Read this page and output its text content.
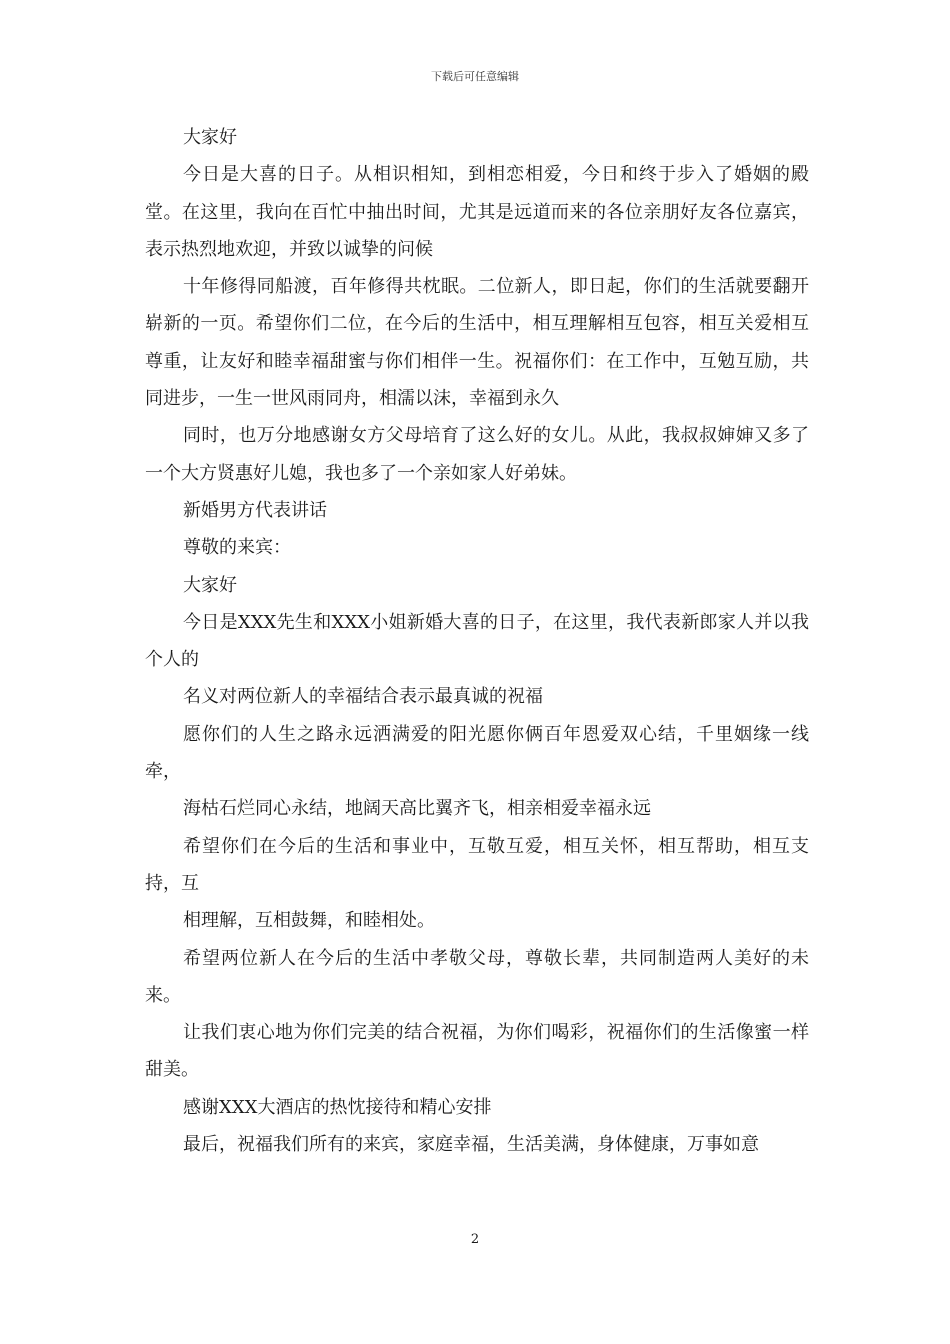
下载后可任意编辑

大家好

今日是大喜的日子。从相识相知，到相恋相爱，今日和终于步入了婚姻的殿堂。在这里，我向在百忙中抽出时间，尤其是远道而来的各位亲朋好友各位嘉宾，表示热烈地欢迎，并致以诚挚的问候

十年修得同船渡，百年修得共枕眠。二位新人，即日起，你们的生活就要翻开崭新的一页。希望你们二位，在今后的生活中，相互理解相互包容，相互关爱相互尊重，让友好和睦幸福甜蜜与你们相伴一生。祝福你们：在工作中，互勉互励，共同进步，一生一世风雨同舟，相濡以沫，幸福到永久

同时，也万分地感谢女方父母培育了这么好的女儿。从此，我叔叔婶婶又多了一个大方贤惠好儿媳，我也多了一个亲如家人好弟妹。

新婚男方代表讲话

尊敬的来宾：

大家好

今日是XXX先生和XXX小姐新婚大喜的日子，在这里，我代表新郎家人并以我个人的

名义对两位新人的幸福结合表示最真诚的祝福

愿你们的人生之路永远洒满爱的阳光愿你俩百年恩爱双心结，千里姻缘一线牵，

海枯石烂同心永结，地阔天高比翼齐飞，相亲相爱幸福永远

希望你们在今后的生活和事业中，互敬互爱，相互关怀，相互帮助，相互支持，互

相理解，互相鼓舞，和睦相处。

希望两位新人在今后的生活中孝敬父母，尊敬长辈，共同制造两人美好的未来。

让我们衷心地为你们完美的结合祝福，为你们喝彩，祝福你们的生活像蜜一样甜美。

感谢XXX大酒店的热忱接待和精心安排

最后，祝福我们所有的来宾，家庭幸福，生活美满，身体健康，万事如意

2
